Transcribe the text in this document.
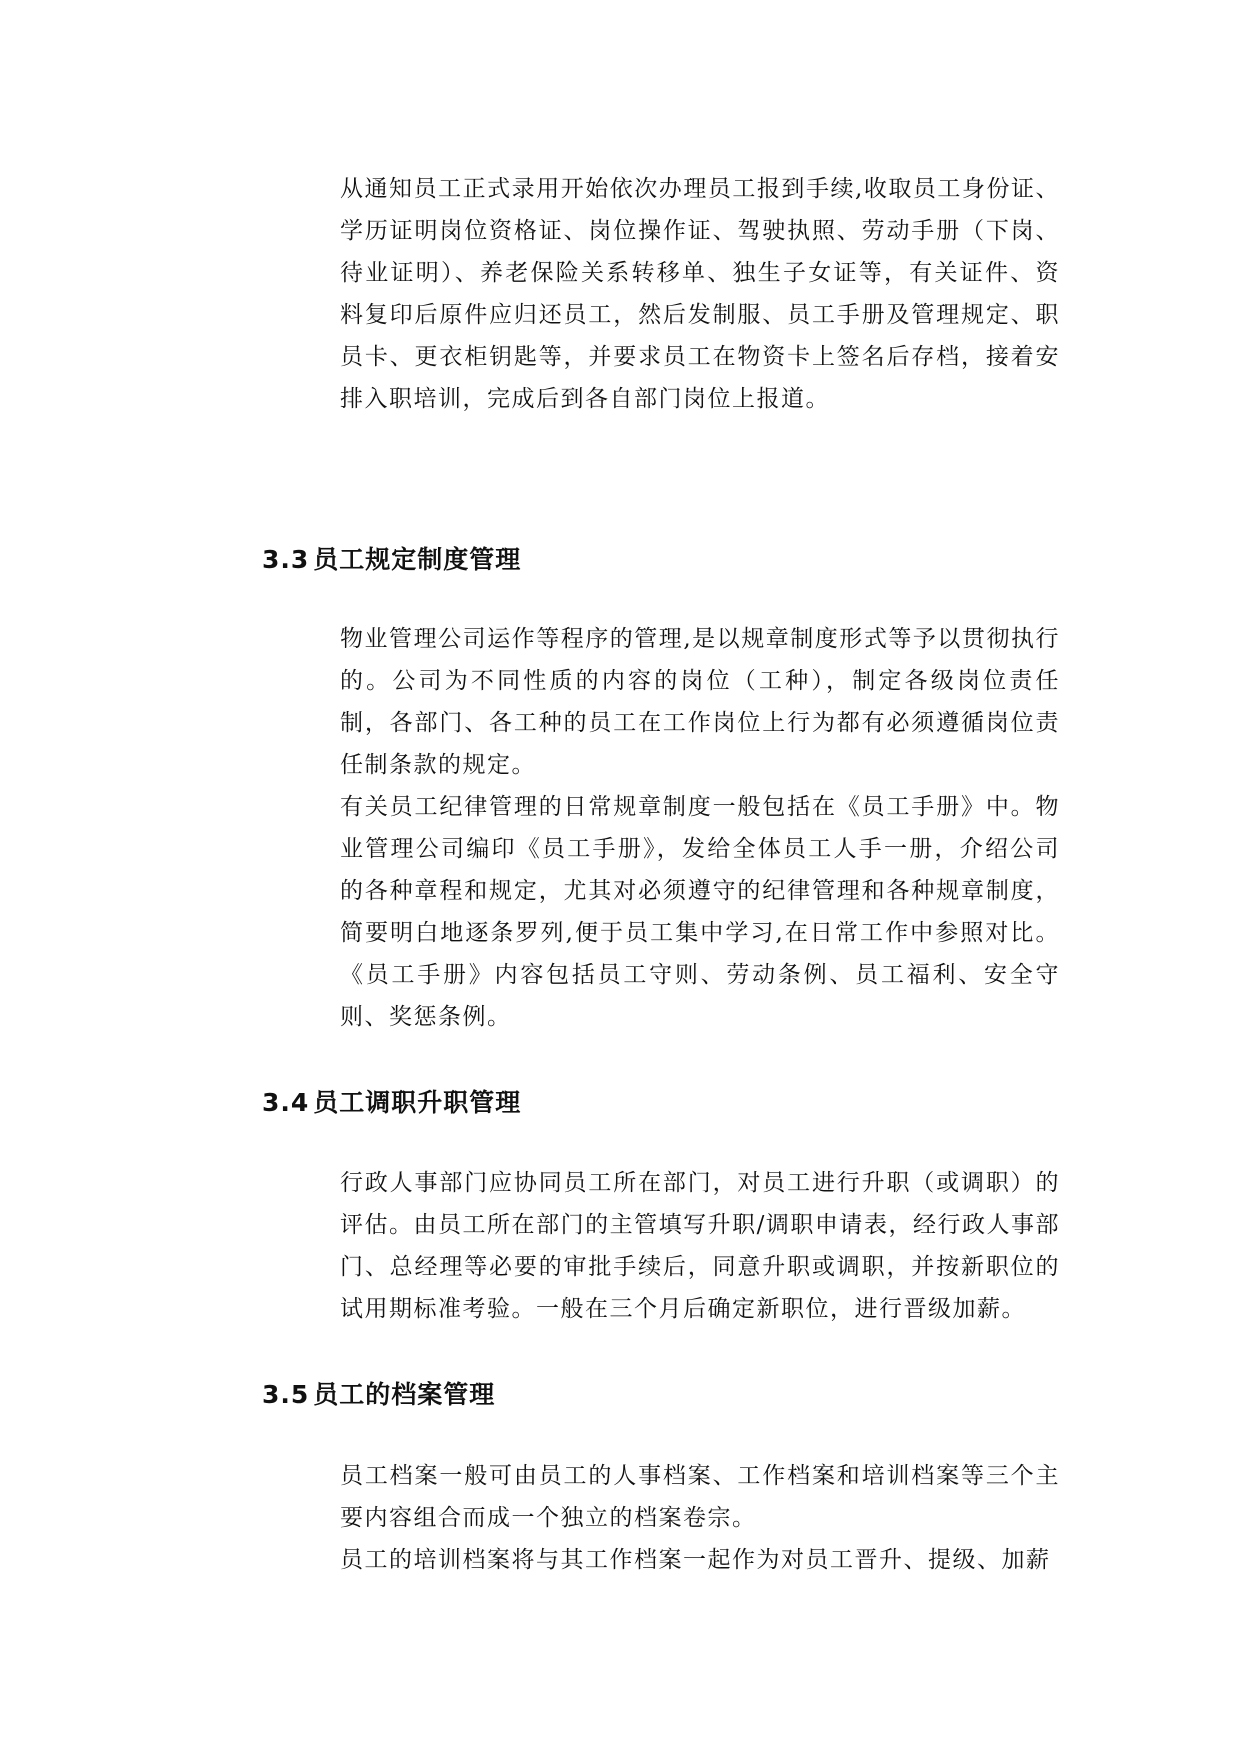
从通知员工正式录用开始依次办理员工报到手续,收取员工身份证、学历证明岗位资格证、岗位操作证、驾驶执照、劳动手册（下岗、待业证明）、养老保险关系转移单、独生子女证等，有关证件、资料复印后原件应归还员工，然后发制服、员工手册及管理规定、职员卡、更衣柜钥匙等，并要求员工在物资卡上签名后存档，接着安排入职培训，完成后到各自部门岗位上报道。

3.3 员工规定制度管理

物业管理公司运作等程序的管理,是以规章制度形式等予以贯彻执行的。公司为不同性质的内容的岗位（工种），制定各级岗位责任制，各部门、各工种的员工在工作岗位上行为都有必须遵循岗位责任制条款的规定。

有关员工纪律管理的日常规章制度一般包括在《员工手册》中。物业管理公司编印《员工手册》，发给全体员工人手一册，介绍公司的各种章程和规定，尤其对必须遵守的纪律管理和各种规章制度，简要明白地逐条罗列,便于员工集中学习,在日常工作中参照对比。《员工手册》内容包括员工守则、劳动条例、员工福利、安全守则、奖惩条例。

3.4 员工调职升职管理

行政人事部门应协同员工所在部门，对员工进行升职（或调职）的评估。由员工所在部门的主管填写升职/调职申请表，经行政人事部门、总经理等必要的审批手续后，同意升职或调职，并按新职位的试用期标准考验。一般在三个月后确定新职位，进行晋级加薪。

3.5 员工的档案管理

员工档案一般可由员工的人事档案、工作档案和培训档案等三个主要内容组合而成一个独立的档案卷宗。

员工的培训档案将与其工作档案一起作为对员工晋升、提级、加薪
